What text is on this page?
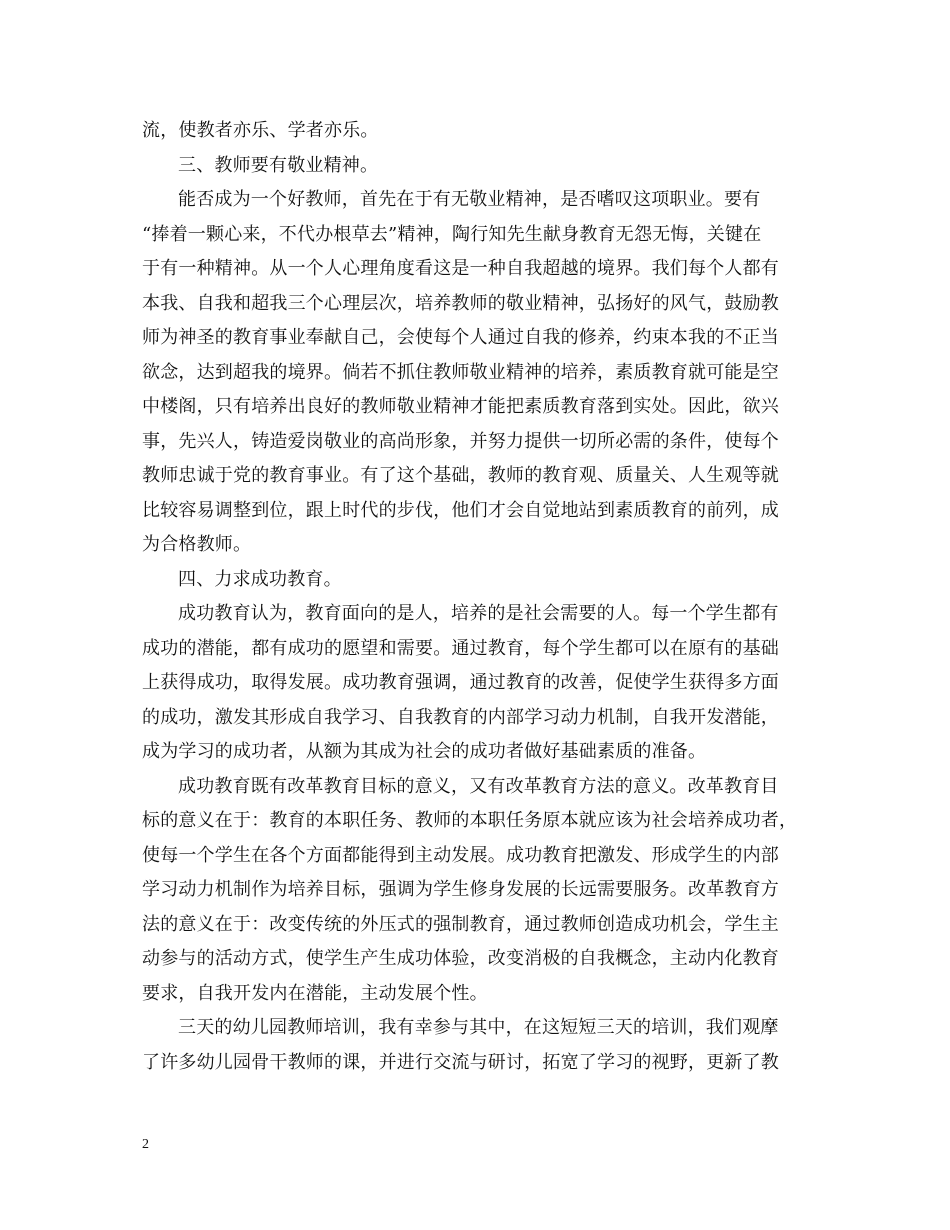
流，使教者亦乐、学者亦乐。
三、教师要有敬业精神。
能否成为一个好教师，首先在于有无敬业精神，是否嗜叹这项职业。要有
“捧着一颗心来，不代办根草去”精神，陶行知先生献身教育无怨无悔，关键在
于有一种精神。从一个人心理角度看这是一种自我超越的境界。我们每个人都有
本我、自我和超我三个心理层次，培养教师的敬业精神，弘扬好的风气，鼓励教
师为神圣的教育事业奉献自己，会使每个人通过自我的修养，约束本我的不正当
欲念，达到超我的境界。倘若不抓住教师敬业精神的培养，素质教育就可能是空
中楼阁，只有培养出良好的教师敬业精神才能把素质教育落到实处。因此，欲兴
事，先兴人，铸造爱岗敬业的高尚形象，并努力提供一切所必需的条件，使每个
教师忠诚于党的教育事业。有了这个基础，教师的教育观、质量关、人生观等就
比较容易调整到位，跟上时代的步伐，他们才会自觉地站到素质教育的前列，成
为合格教师。
四、力求成功教育。
成功教育认为，教育面向的是人，培养的是社会需要的人。每一个学生都有
成功的潜能，都有成功的愿望和需要。通过教育，每个学生都可以在原有的基础
上获得成功，取得发展。成功教育强调，通过教育的改善，促使学生获得多方面
的成功，激发其形成自我学习、自我教育的内部学习动力机制，自我开发潜能，
成为学习的成功者，从额为其成为社会的成功者做好基础素质的准备。
成功教育既有改革教育目标的意义，又有改革教育方法的意义。改革教育目
标的意义在于：教育的本职任务、教师的本职任务原本就应该为社会培养成功者，
使每一个学生在各个方面都能得到主动发展。成功教育把激发、形成学生的内部
学习动力机制作为培养目标，强调为学生修身发展的长远需要服务。改革教育方
法的意义在于：改变传统的外压式的强制教育，通过教师创造成功机会，学生主
动参与的活动方式，使学生产生成功体验，改变消极的自我概念，主动内化教育
要求，自我开发内在潜能，主动发展个性。
三天的幼儿园教师培训，我有幸参与其中，在这短短三天的培训，我们观摩
了许多幼儿园骨干教师的课，并进行交流与研讨，拓宽了学习的视野，更新了教
2
